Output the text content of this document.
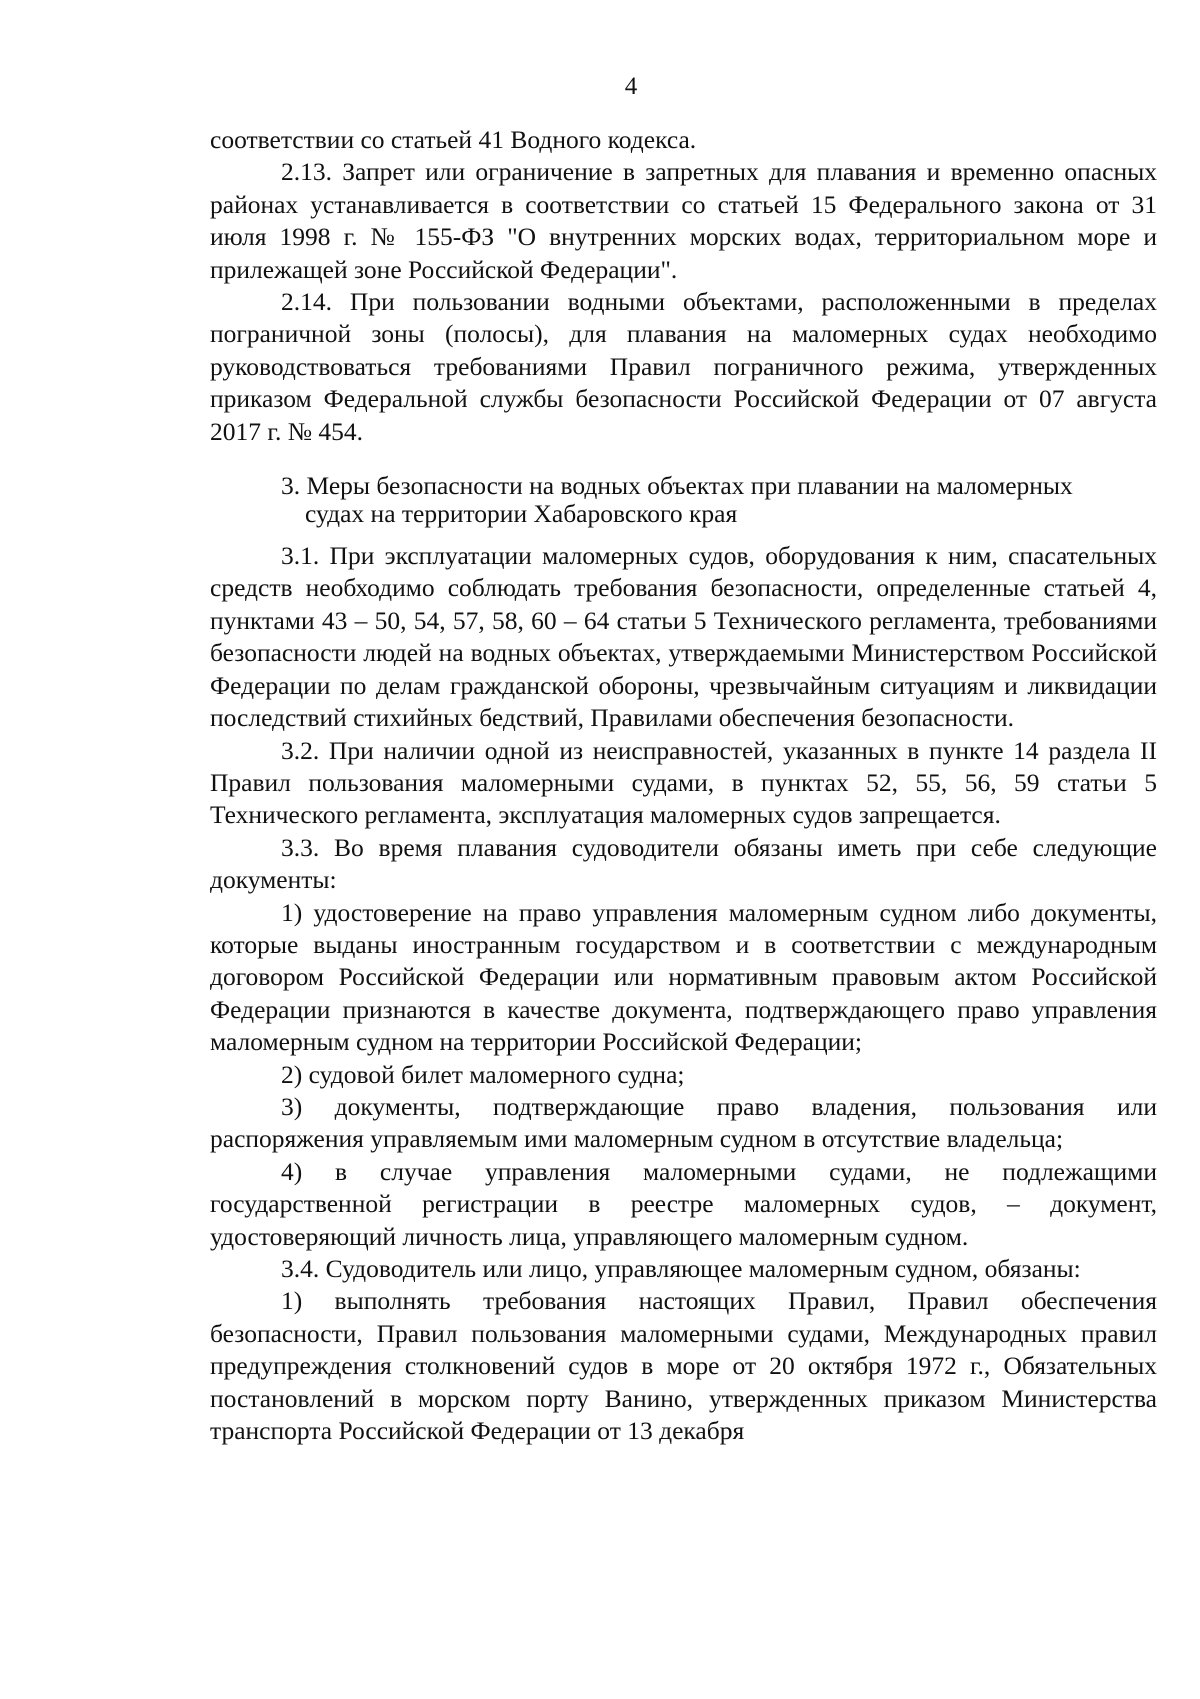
4

соответствии со статьей 41 Водного кодекса.

2.13. Запрет или ограничение в запретных для плавания и временно опасных районах устанавливается в соответствии со статьей 15 Федерального закона от 31 июля 1998 г. № 155-ФЗ "О внутренних морских водах, территориальном море и прилежащей зоне Российской Федерации".

2.14. При пользовании водными объектами, расположенными в пределах пограничной зоны (полосы), для плавания на маломерных судах необходимо руководствоваться требованиями Правил пограничного режима, утвержденных приказом Федеральной службы безопасности Российской Федерации от 07 августа 2017 г. № 454.

3. Меры безопасности на водных объектах при плавании на маломерных
судах на территории Хабаровского края

3.1. При эксплуатации маломерных судов, оборудования к ним, спасательных средств необходимо соблюдать требования безопасности, определенные статьей 4, пунктами 43 – 50, 54, 57, 58, 60 – 64 статьи 5 Технического регламента, требованиями безопасности людей на водных объектах, утверждаемыми Министерством Российской Федерации по делам гражданской обороны, чрезвычайным ситуациям и ликвидации последствий стихийных бедствий, Правилами обеспечения безопасности.

3.2. При наличии одной из неисправностей, указанных в пункте 14 раздела II Правил пользования маломерными судами, в пунктах 52, 55, 56, 59 статьи 5 Технического регламента, эксплуатация маломерных судов запрещается.

3.3. Во время плавания судоводители обязаны иметь при себе следующие документы:

1) удостоверение на право управления маломерным судном либо документы, которые выданы иностранным государством и в соответствии с международным договором Российской Федерации или нормативным правовым актом Российской Федерации признаются в качестве документа, подтверждающего право управления маломерным судном на территории Российской Федерации;

2) судовой билет маломерного судна;

3) документы, подтверждающие право владения, пользования или распоряжения управляемым ими маломерным судном в отсутствие владельца;

4) в случае управления маломерными судами, не подлежащими государственной регистрации в реестре маломерных судов, – документ, удостоверяющий личность лица, управляющего маломерным судном.

3.4. Судоводитель или лицо, управляющее маломерным судном, обязаны:

1) выполнять требования настоящих Правил, Правил обеспечения безопасности, Правил пользования маломерными судами, Международных правил предупреждения столкновений судов в море от 20 октября 1972 г., Обязательных постановлений в морском порту Ванино, утвержденных приказом Министерства транспорта Российской Федерации от 13 декабря
